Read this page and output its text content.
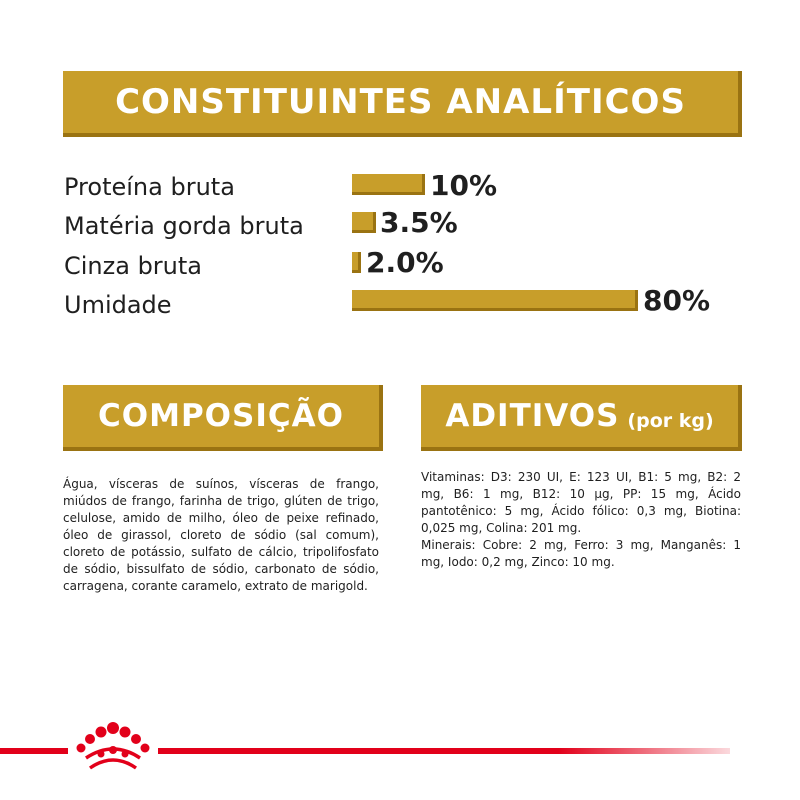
CONSTITUINTES ANALÍTICOS
Proteína bruta	10%
Matéria gorda bruta	3.5%
Cinza bruta	2.0%
Umidade	80%
COMPOSIÇÃO
Água, vísceras de suínos, vísceras de frango, miúdos de frango, farinha de trigo, glúten de trigo, celulose, amido de milho, óleo de peixe refinado, óleo de girassol, cloreto de sódio (sal comum), cloreto de potássio, sulfato de cálcio, tripolifosfato de sódio, bissulfato de sódio, carbonato de sódio, carragena, corante caramelo, extrato de marigold.
ADITIVOS (por kg)

Vitaminas: D3: 230 UI, E: 123 UI, B1: 5 mg, B2: 2 mg, B6: 1 mg, B12: 10 µg, PP: 15 mg, Ácido pantotênico: 5 mg, Ácido fólico: 0,3 mg, Biotina: 0,025 mg, Colina: 201 mg.

Minerais: Cobre: 2 mg, Ferro: 3 mg, Manganês: 1 mg, Iodo: 0,2 mg, Zinco: 10 mg.
